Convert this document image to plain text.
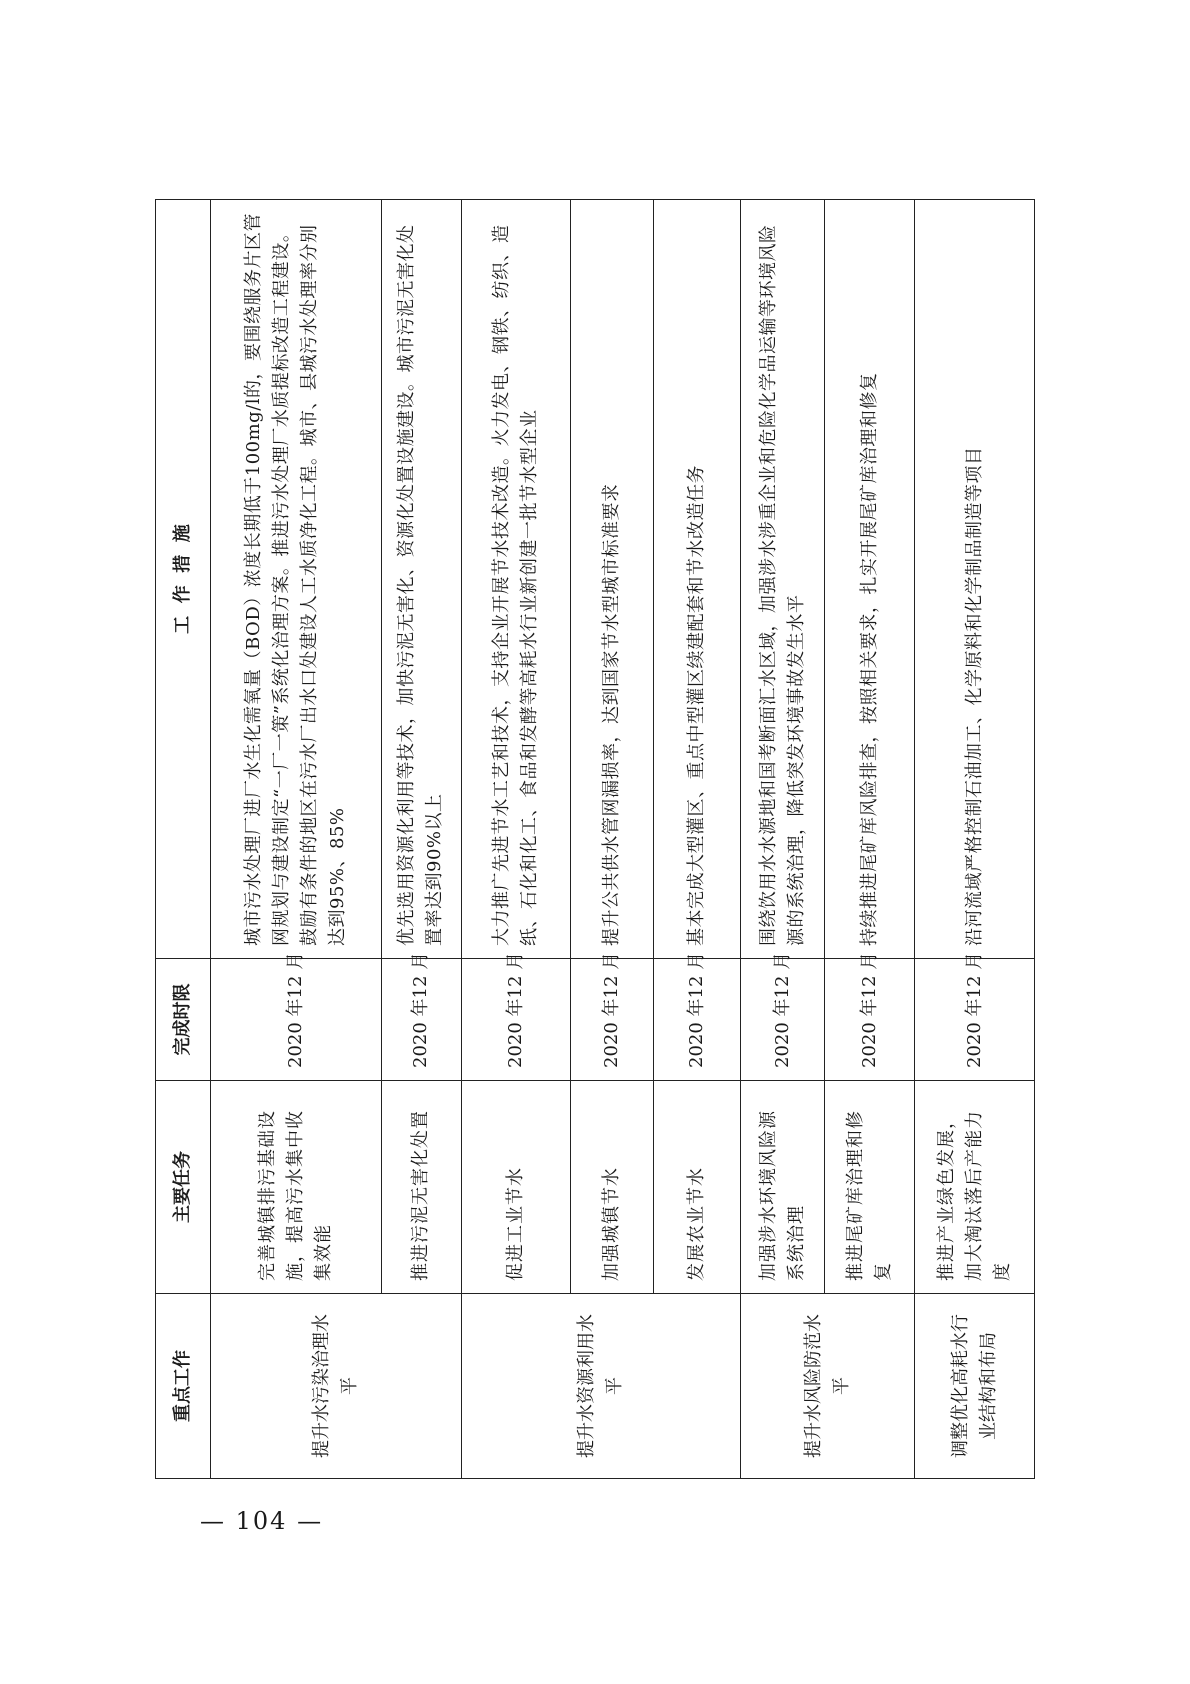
重点工作	主要任务	完成时限	工  作  措  施
提升水污染治理水平	完善城镇排污基础设施，提高污水集中收集效能	2020 年12 月	城市污水处理厂进厂水生化需氧量（BOD）浓度长期低于100mg/l的，要围绕服务片区管网规划与建设制定“一厂一策”系统化治理方案。推进污水处理厂水质提标改造工程建设。鼓励有条件的地区在污水厂出水口处建设人工水质净化工程。城市、县城污水处理率分别达到95%、85%
	推进污泥无害化处置	2020 年12 月	优先选用资源化利用等技术，加快污泥无害化、资源化处置设施建设。城市污泥无害化处置率达到90%以上
提升水资源利用水平	促进工业节水	2020 年12 月	大力推广先进节水工艺和技术，支持企业开展节水技术改造。火力发电、钢铁、纺织、造纸、石化和化工、食品和发酵等高耗水行业新创建一批节水型企业
	加强城镇节水	2020 年12 月	提升公共供水管网漏损率，达到国家节水型城市标准要求
	发展农业节水	2020 年12 月	基本完成大型灌区、重点中型灌区续建配套和节水改造任务
提升水风险防范水平	加强涉水环境风险源系统治理	2020 年12 月	围绕饮用水水源地和国考断面汇水区域，加强涉水涉重企业和危险化学品运输等环境风险源的系统治理，降低突发环境事故发生水平
	推进尾矿库治理和修复	2020 年12 月	持续推进尾矿库风险排查，按照相关要求，扎实开展尾矿库治理和修复
调整优化高耗水行业结构和布局	推进产业绿色发展，加大淘汰落后产能力度	2020 年12 月	沿河流域严格控制石油加工、化学原料和化学制品制造等项目
— 104 —
